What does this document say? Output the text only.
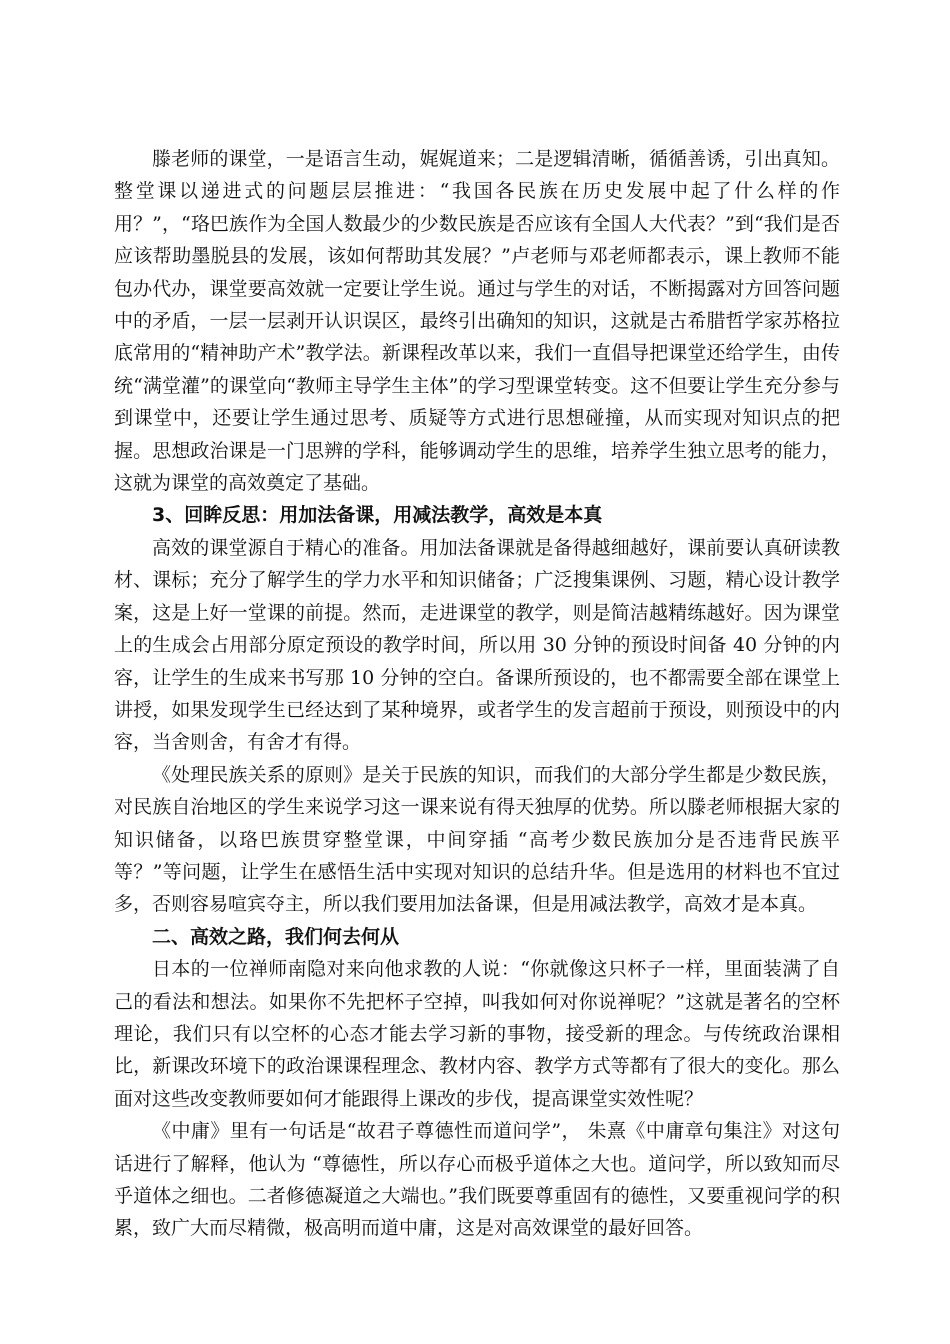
滕老师的课堂，一是语言生动，娓娓道来；二是逻辑清晰，循循善诱，引出真知。整堂课以递进式的问题层层推进：“我国各民族在历史发展中起了什么样的作用？”，“珞巴族作为全国人数最少的少数民族是否应该有全国人大代表？”到“我们是否应该帮助墨脱县的发展，该如何帮助其发展？”卢老师与邓老师都表示，课上教师不能包办代办，课堂要高效就一定要让学生说。通过与学生的对话，不断揭露对方回答问题中的矛盾，一层一层剥开认识误区，最终引出确知的知识，这就是古希腊哲学家苏格拉底常用的“精神助产术”教学法。新课程改革以来，我们一直倡导把课堂还给学生，由传统“满堂灌”的课堂向“教师主导学生主体”的学习型课堂转变。这不但要让学生充分参与到课堂中，还要让学生通过思考、质疑等方式进行思想碰撞，从而实现对知识点的把握。思想政治课是一门思辨的学科，能够调动学生的思维，培养学生独立思考的能力，这就为课堂的高效奠定了基础。

3、回眸反思：用加法备课，用减法教学，高效是本真

高效的课堂源自于精心的准备。用加法备课就是备得越细越好，课前要认真研读教材、课标；充分了解学生的学力水平和知识储备；广泛搜集课例、习题，精心设计教学案，这是上好一堂课的前提。然而，走进课堂的教学，则是简洁越精练越好。因为课堂上的生成会占用部分原定预设的教学时间，所以用 30 分钟的预设时间备 40 分钟的内容，让学生的生成来书写那 10 分钟的空白。备课所预设的，也不都需要全部在课堂上讲授，如果发现学生已经达到了某种境界，或者学生的发言超前于预设，则预设中的内容，当舍则舍，有舍才有得。

《处理民族关系的原则》是关于民族的知识，而我们的大部分学生都是少数民族，对民族自治地区的学生来说学习这一课来说有得天独厚的优势。所以滕老师根据大家的知识储备，以珞巴族贯穿整堂课，中间穿插 “高考少数民族加分是否违背民族平等？”等问题，让学生在感悟生活中实现对知识的总结升华。但是选用的材料也不宜过多，否则容易喧宾夺主，所以我们要用加法备课，但是用减法教学，高效才是本真。

二、高效之路，我们何去何从

日本的一位禅师南隐对来向他求教的人说：“你就像这只杯子一样，里面装满了自己的看法和想法。如果你不先把杯子空掉，叫我如何对你说禅呢？”这就是著名的空杯理论，我们只有以空杯的心态才能去学习新的事物，接受新的理念。与传统政治课相比，新课改环境下的政治课课程理念、教材内容、教学方式等都有了很大的变化。那么面对这些改变教师要如何才能跟得上课改的步伐，提高课堂实效性呢？

《中庸》里有一句话是“故君子尊德性而道问学”， 朱熹《中庸章句集注》对这句话进行了解释，他认为 “尊德性，所以存心而极乎道体之大也。道问学，所以致知而尽乎道体之细也。二者修德凝道之大端也。”我们既要尊重固有的德性，又要重视问学的积累，致广大而尽精微，极高明而道中庸，这是对高效课堂的最好回答。
